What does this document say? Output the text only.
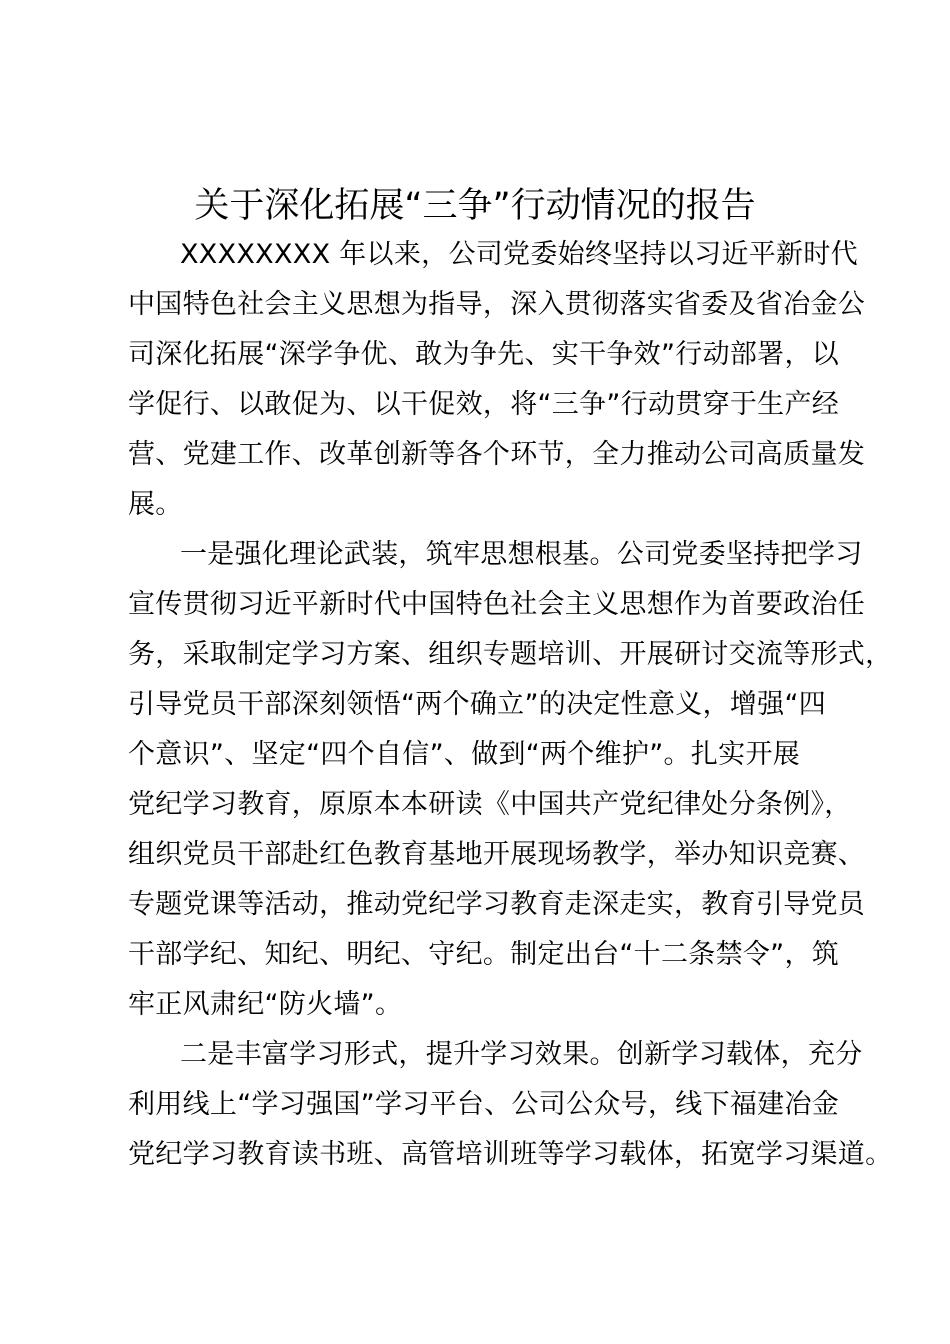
关于深化拓展“三争”行动情况的报告
XXXXXXXX 年以来，公司党委始终坚持以习近平新时代
中国特色社会主义思想为指导，深入贯彻落实省委及省冶金公
司深化拓展“深学争优、敢为争先、实干争效”行动部署，以
学促行、以敢促为、以干促效，将“三争”行动贯穿于生产经
营、党建工作、改革创新等各个环节，全力推动公司高质量发
展。
一是强化理论武装，筑牢思想根基。公司党委坚持把学习
宣传贯彻习近平新时代中国特色社会主义思想作为首要政治任
务，采取制定学习方案、组织专题培训、开展研讨交流等形式，
引导党员干部深刻领悟“两个确立”的决定性意义，增强“四
个意识”、坚定“四个自信”、做到“两个维护”。扎实开展
党纪学习教育，原原本本研读《中国共产党纪律处分条例》，
组织党员干部赴红色教育基地开展现场教学，举办知识竞赛、
专题党课等活动，推动党纪学习教育走深走实，教育引导党员
干部学纪、知纪、明纪、守纪。制定出台“十二条禁令”，筑
牢正风肃纪“防火墙”。
二是丰富学习形式，提升学习效果。创新学习载体，充分
利用线上“学习强国”学习平台、公司公众号，线下福建冶金
党纪学习教育读书班、高管培训班等学习载体，拓宽学习渠道。
